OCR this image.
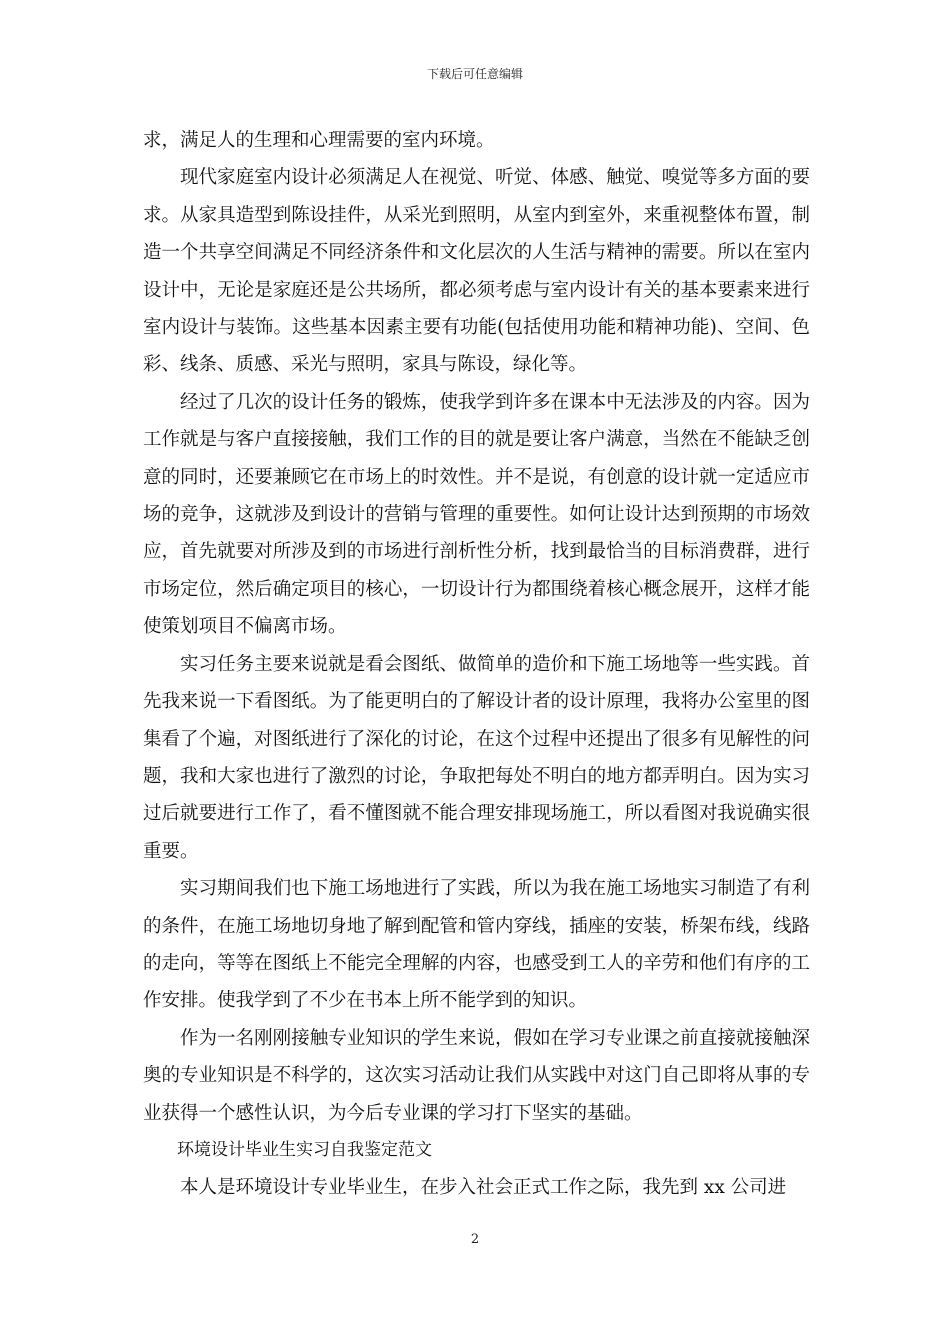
下载后可任意编辑

求，满足人的生理和心理需要的室内环境。

现代家庭室内设计必须满足人在视觉、听觉、体感、触觉、嗅觉等多方面的要求。从家具造型到陈设挂件，从采光到照明，从室内到室外，来重视整体布置，制造一个共享空间满足不同经济条件和文化层次的人生活与精神的需要。所以在室内设计中，无论是家庭还是公共场所，都必须考虑与室内设计有关的基本要素来进行室内设计与装饰。这些基本因素主要有功能(包括使用功能和精神功能)、空间、色彩、线条、质感、采光与照明，家具与陈设，绿化等。

经过了几次的设计任务的锻炼，使我学到许多在课本中无法涉及的内容。因为工作就是与客户直接接触，我们工作的目的就是要让客户满意，当然在不能缺乏创意的同时，还要兼顾它在市场上的时效性。并不是说，有创意的设计就一定适应市场的竞争，这就涉及到设计的营销与管理的重要性。如何让设计达到预期的市场效应，首先就要对所涉及到的市场进行剖析性分析，找到最恰当的目标消费群，进行市场定位，然后确定项目的核心，一切设计行为都围绕着核心概念展开，这样才能使策划项目不偏离市场。

实习任务主要来说就是看会图纸、做简单的造价和下施工场地等一些实践。首先我来说一下看图纸。为了能更明白的了解设计者的设计原理，我将办公室里的图集看了个遍，对图纸进行了深化的讨论，在这个过程中还提出了很多有见解性的问题，我和大家也进行了激烈的讨论，争取把每处不明白的地方都弄明白。因为实习过后就要进行工作了，看不懂图就不能合理安排现场施工，所以看图对我说确实很重要。

实习期间我们也下施工场地进行了实践，所以为我在施工场地实习制造了有利的条件，在施工场地切身地了解到配管和管内穿线，插座的安装，桥架布线，线路的走向，等等在图纸上不能完全理解的内容，也感受到工人的辛劳和他们有序的工作安排。使我学到了不少在书本上所不能学到的知识。

作为一名刚刚接触专业知识的学生来说，假如在学习专业课之前直接就接触深奥的专业知识是不科学的，这次实习活动让我们从实践中对这门自己即将从事的专业获得一个感性认识，为今后专业课的学习打下坚实的基础。

环境设计毕业生实习自我鉴定范文

本人是环境设计专业毕业生，在步入社会正式工作之际，我先到 xx 公司进

2
